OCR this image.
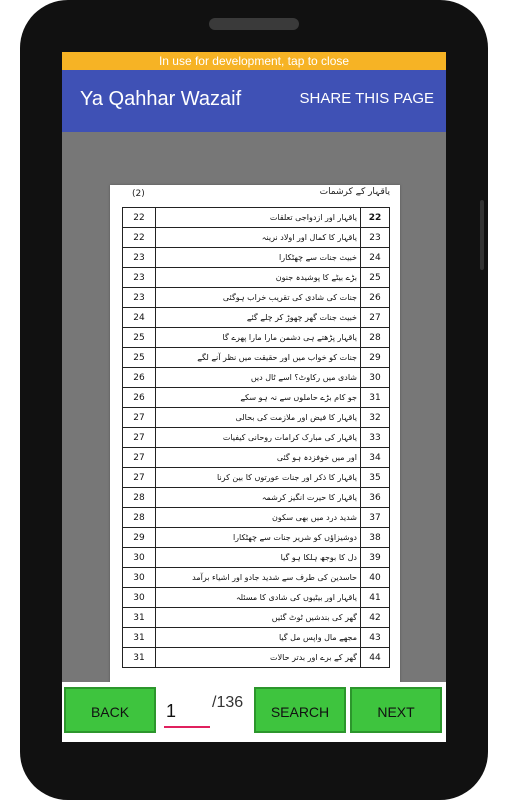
In use for development, tap to close
Ya Qahhar Wazaif	SHARE THIS PAGE
(2)	یاقہار کے کرشمات
22	یاقہار اور ازدواجی تعلقات	22
22	یاقہار کا کمال اور اولاد نرینہ	23
23	خبیث جنات سے چھٹکارا	24
23	بڑے بیٹے کا پوشیدہ جنون	25
23	جنات کی شادی کی تقریب خراب ہوگئی	26
24	خبیث جنات گھر چھوڑ کر چلے گئے	27
25	یاقہار پڑھتے ہی دشمن مارا مارا پھرے گا	28
25	جنات کو خواب میں اور حقیقت میں نظر آنے لگے	29
26	شادی میں رکاوٹ؟ اسے ٹال دیں	30
26	جو کام بڑے حاملوں سے نہ ہو سکے	31
27	یاقہار کا فیض اور ملازمت کی بحالی	32
27	یاقہار کی مبارک کرامات روحانی کیفیات	33
27	اور میں خوفزدہ ہو گئی	34
27	یاقہار کا ذکر اور جنات عورتوں کا بین کرنا	35
28	یاقہار کا حیرت انگیز کرشمہ	36
28	شدید درد میں بھی سکون	37
29	دوشیزاؤں کو شریر جنات سے چھٹکارا	38
30	دل کا بوجھ ہلکا ہو گیا	39
30	حاسدین کی طرف سے شدید جادو اور اشیاء برآمد	40
30	یاقہار اور بیٹیوں کی شادی کا مسئلہ	41
31	گھر کی بندشیں ٹوٹ گئیں	42
31	مجھے مال واپس مل گیا	43
31	گھر کے برے اور بدتر حالات	44
BACK
1
/136
SEARCH	NEXT
